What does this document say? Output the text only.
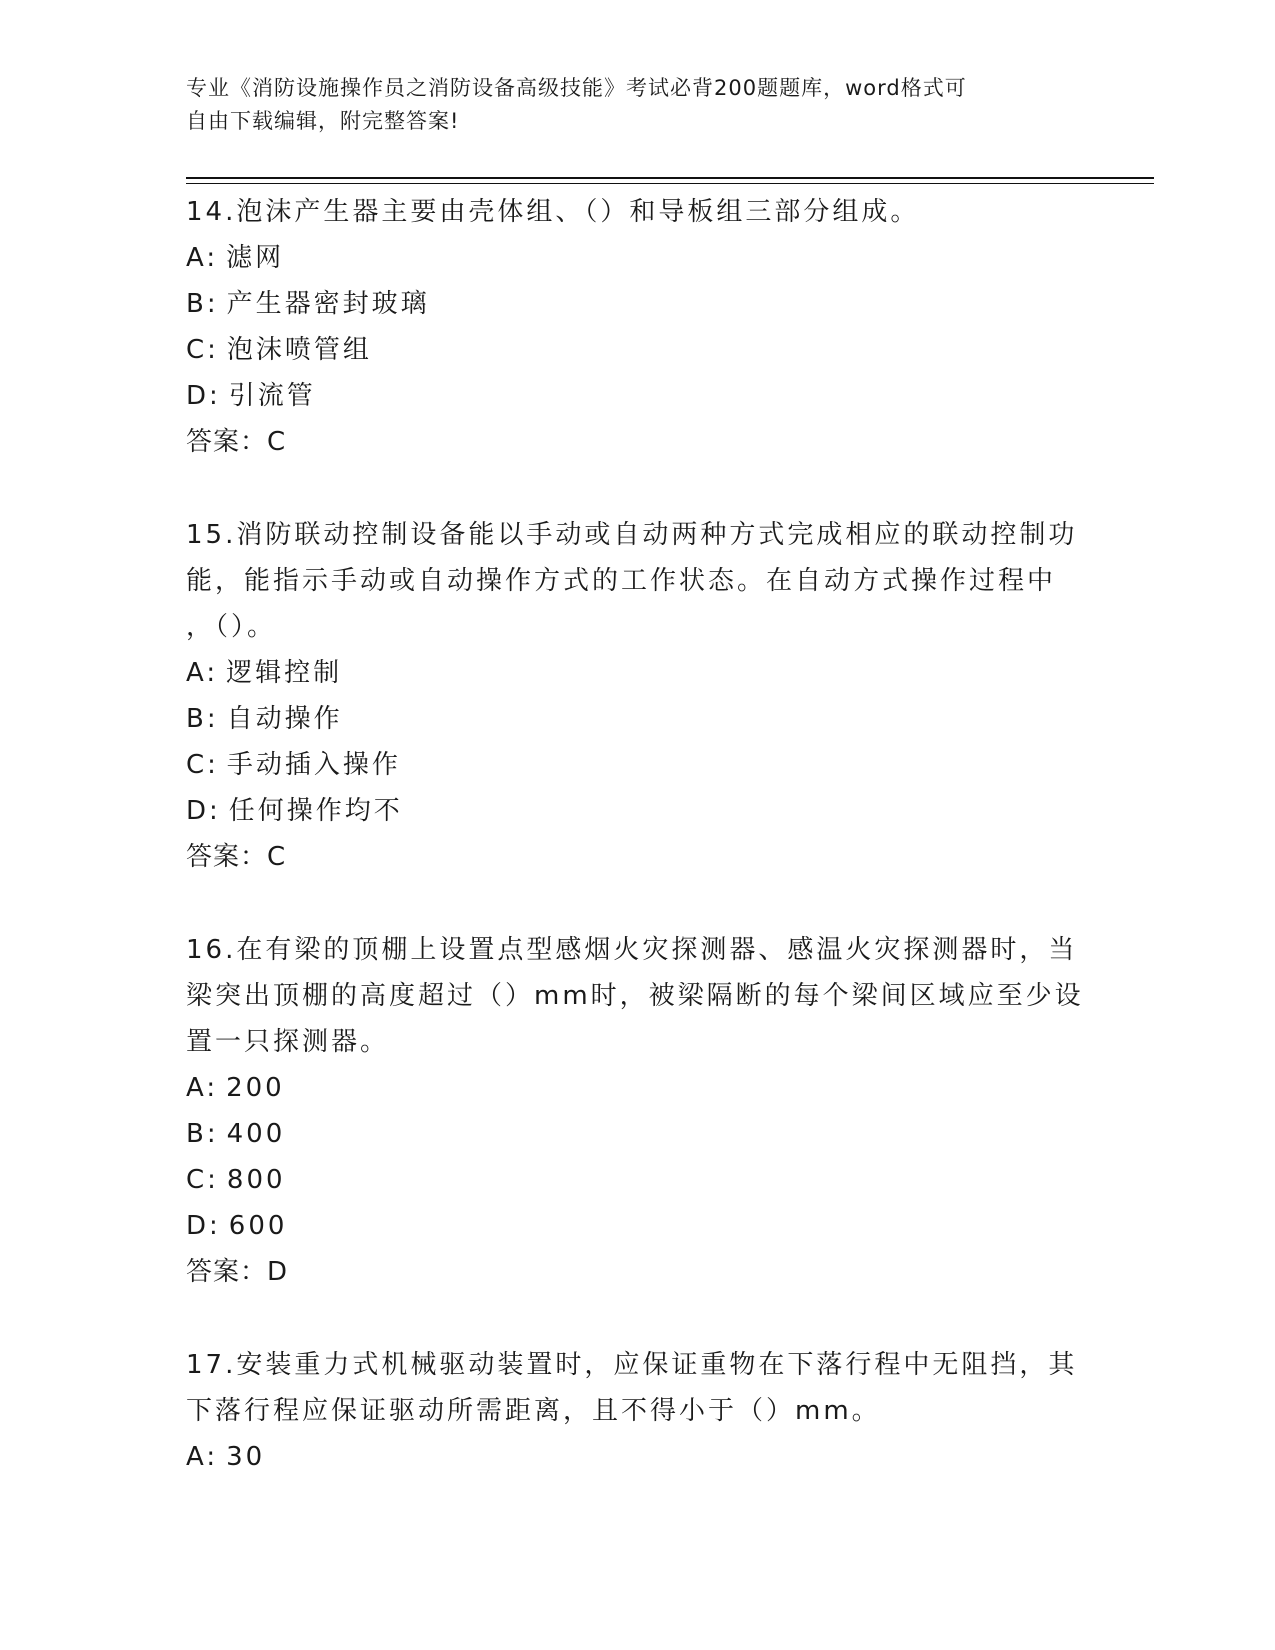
专业《消防设施操作员之消防设备高级技能》考试必背200题题库，word格式可
自由下载编辑，附完整答案!
14.泡沫产生器主要由壳体组、（）和导板组三部分组成。
A: 滤网
B: 产生器密封玻璃
C: 泡沫喷管组
D: 引流管
答案：C
15.消防联动控制设备能以手动或自动两种方式完成相应的联动控制功
能，能指示手动或自动操作方式的工作状态。在自动方式操作过程中
，（）。
A: 逻辑控制
B: 自动操作
C: 手动插入操作
D: 任何操作均不
答案：C
16.在有梁的顶棚上设置点型感烟火灾探测器、感温火灾探测器时，当
梁突出顶棚的高度超过（）mm时，被梁隔断的每个梁间区域应至少设
置一只探测器。
A: 200
B: 400
C: 800
D: 600
答案：D
17.安装重力式机械驱动装置时，应保证重物在下落行程中无阻挡，其
下落行程应保证驱动所需距离，且不得小于（）mm。
A: 30
